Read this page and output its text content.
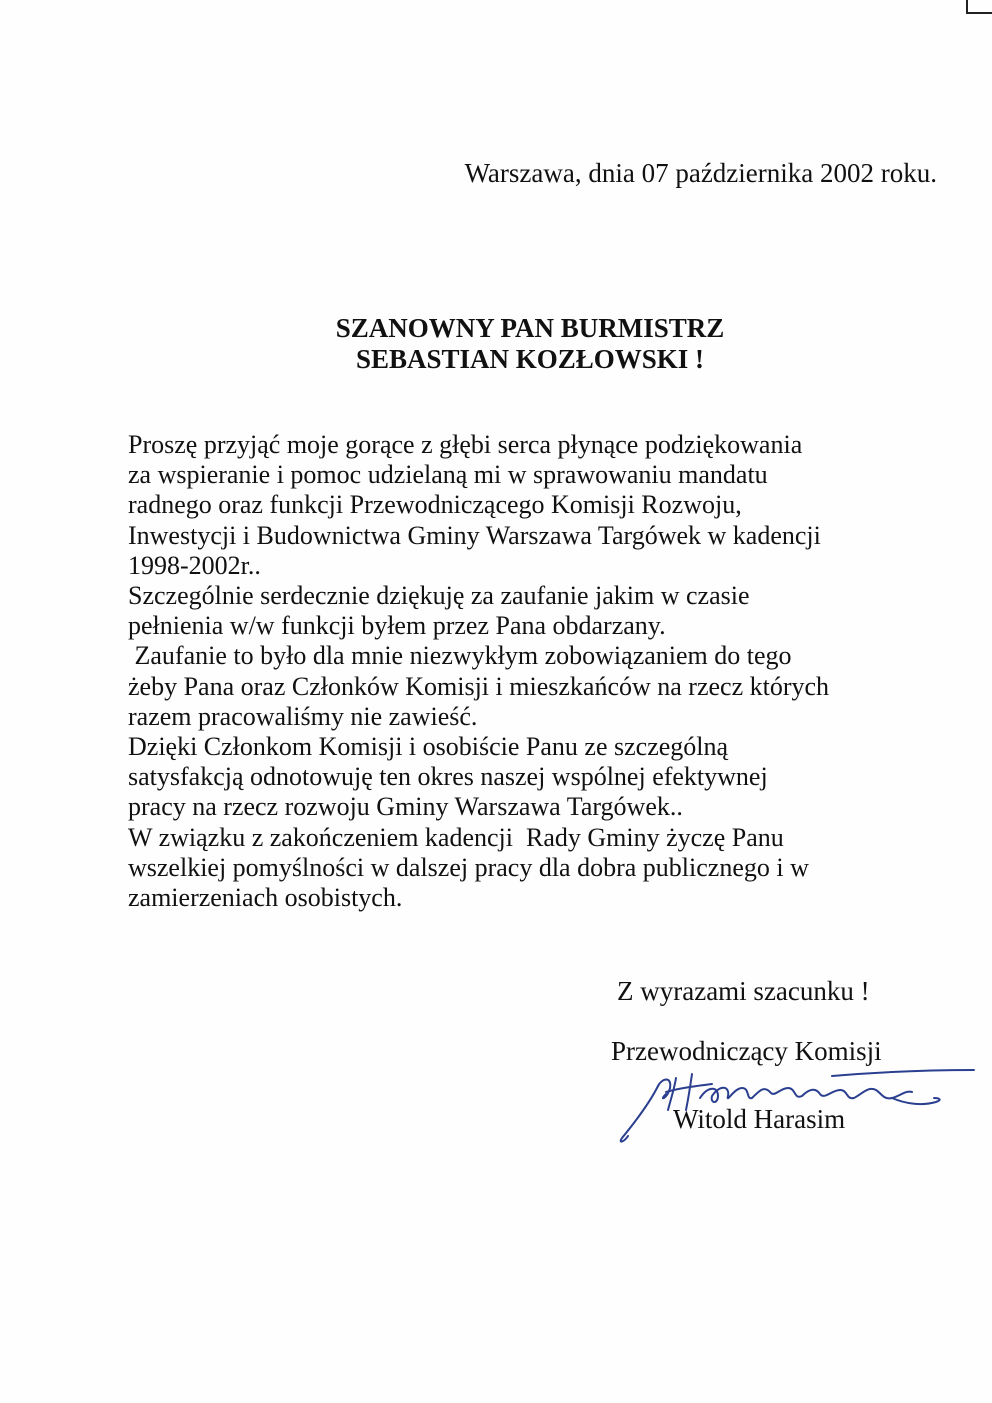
Warszawa, dnia 07 października 2002 roku.
SZANOWNY PAN BURMISTRZ
SEBASTIAN KOZŁOWSKI !

Proszę przyjąć moje gorące z głębi serca płynące podziękowania

za wspieranie i pomoc udzielaną mi w sprawowaniu mandatu

radnego oraz funkcji Przewodniczącego Komisji Rozwoju,

Inwestycji i Budownictwa Gminy Warszawa Targówek w kadencji

1998-2002r..

Szczególnie serdecznie dziękuję za zaufanie jakim w czasie

pełnienia w/w funkcji byłem przez Pana obdarzany.

Zaufanie to było dla mnie niezwykłym zobowiązaniem do tego

żeby Pana oraz Członków Komisji i mieszkańców na rzecz których

razem pracowaliśmy nie zawieść.

Dzięki Członkom Komisji i osobiście Panu ze szczególną

satysfakcją odnotowuję ten okres naszej wspólnej efektywnej

pracy na rzecz rozwoju Gminy Warszawa Targówek..

W związku z zakończeniem kadencji  Rady Gminy życzę Panu

wszelkiej pomyślności w dalszej pracy dla dobra publicznego i w

zamierzeniach osobistych.

Z wyrazami szacunku !
Przewodniczący Komisji
Witold Harasim
